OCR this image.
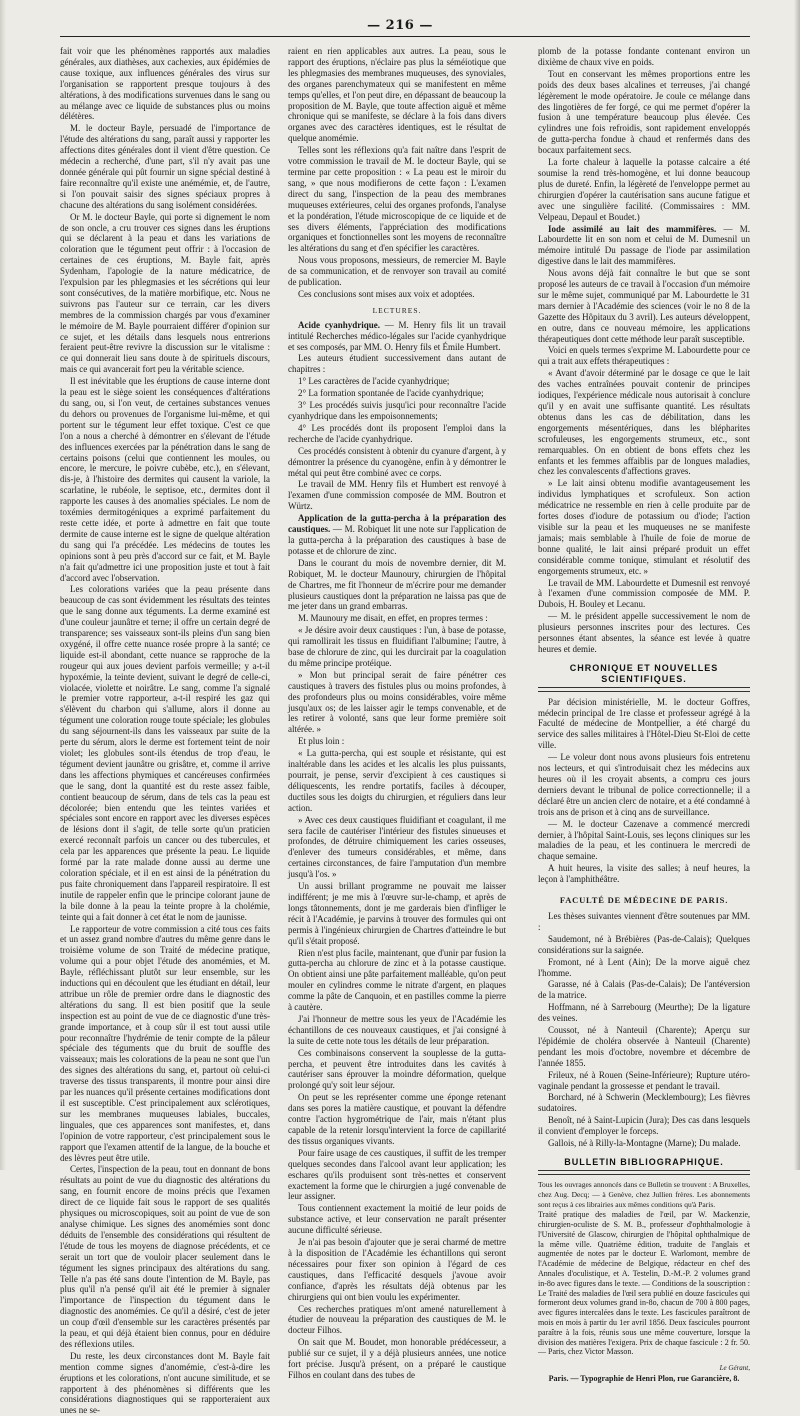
— 216 —

fait voir que les phénomènes rapportés aux maladies générales, aux diathèses, aux cachexies, aux épidémies de cause toxique, aux influences générales des virus sur l'organisation se rapportent presque toujours à des altérations, à des modifications survenues dans le sang ou au mélange avec ce liquide de substances plus ou moins délétères.

M. le docteur Bayle, persuadé de l'importance de l'étude des altérations du sang, paraît aussi y rapporter les affections dites générales dont il vient d'être question. Ce médecin a recherché, d'une part, s'il n'y avait pas une donnée générale qui pût fournir un signe spécial destiné à faire reconnaître qu'il existe une anémémie, et, de l'autre, si l'on pouvait saisir des signes spéciaux propres à chacune des altérations du sang isolément considérées.

Or M. le docteur Bayle, qui porte si dignement le nom de son oncle, a cru trouver ces signes dans les éruptions qui se déclarent à la peau et dans les variations de coloration que le tégument peut offrir : à l'occasion de certaines de ces éruptions, M. Bayle fait, après Sydenham, l'apologie de la nature médicatrice, de l'expulsion par les phlegmasies et les sécrétions qui leur sont consécutives, de la matière morbifique, etc. Nous ne suivrons pas l'auteur sur ce terrain, car les divers membres de la commission chargés par vous d'examiner le mémoire de M. Bayle pourraient différer d'opinion sur ce sujet, et les détails dans lesquels nous entrerions feraient peut-être revivre la discussion sur le vitalisme : ce qui donnerait lieu sans doute à de spirituels discours, mais ce qui avancerait fort peu la véritable science.

Il est inévitable que les éruptions de cause interne dont la peau est le siège soient les conséquences d'altérations du sang, ou, si l'on veut, de certaines substances venues du dehors ou provenues de l'organisme lui-même, et qui portent sur le tégument leur effet toxique. C'est ce que l'on a nous a cherché à démontrer en s'élevant de l'étude des influences exercées par la pénétration dans le sang de certains poisons (celui que contiennent les moules, ou encore, le mercure, le poivre cubèbe, etc.), en s'élevant, dis-je, à l'histoire des dermites qui causent la variole, la scarlatine, le rubéole, le septisoe, etc., dermites dont il rapporte les causes à des anomalies spéciales. Le nom de toxémies dermitogéniques a exprimé parfaitement du reste cette idée, et porte à admettre en fait que toute dermite de cause interne est le signe de quelque altération du sang qui l'a précédée. Les médecins de toutes les opinions sont à peu près d'accord sur ce fait, et M. Bayle n'a fait qu'admettre ici une proposition juste et tout à fait d'accord avec l'observation.

Les colorations variées que la peau présente dans beaucoup de cas sont évidemment les résultats des teintes que le sang donne aux téguments. La derme examiné est d'une couleur jaunâtre et terne; il offre un certain degré de transparence; ses vaisseaux sont-ils pleins d'un sang bien oxygéné, il offre cette nuance rosée propre à la santé; ce liquide est-il abondant, cette nuance se rapproche de la rougeur qui aux joues devient parfois vermeille; y a-t-il hypoxémie, la teinte devient, suivant le degré de celle-ci, violacée, violette et noirâtre. Le sang, comme l'a signalé le premier votre rapporteur, a-t-il respiré les gaz qui s'élèvent du charbon qui s'allume, alors il donne au tégument une coloration rouge toute spéciale; les globules du sang séjournent-ils dans les vaisseaux par suite de la perte du sérum, alors le derme est fortement teint de noir violet; les globules sont-ils étendus de trop d'eau, le tégument devient jaunâtre ou grisâtre, et, comme il arrive dans les affections phymiques et cancéreuses confirmées que le sang, dont la quantité est du reste assez faible, contient beaucoup de sérum, dans de tels cas la peau est décolorée; bien entendu que les teintes variées et spéciales sont encore en rapport avec les diverses espèces de lésions dont il s'agit, de telle sorte qu'un praticien exercé reconnaît parfois un cancer ou des tubercules, et cela par les apparences que présente la peau. Le liquide formé par la rate malade donne aussi au derme une coloration spéciale, et il en est ainsi de la pénétration du pus faite chroniquement dans l'appareil respiratoire. Il est inutile de rappeler enfin que le principe colorant jaune de la bile donne à la peau la teinte propre à la cholémie, teinte qui a fait donner à cet état le nom de jaunisse.

Le rapporteur de votre commission a cité tous ces faits et un assez grand nombre d'autres du même genre dans le troisième volume de son Traité de médecine pratique, volume qui a pour objet l'étude des anomémies, et M. Bayle, réfléchissant plutôt sur leur ensemble, sur les inductions qui en découlent que les étudiant en détail, leur attribue un rôle de premier ordre dans le diagnostic des altérations du sang. Il est bien positif que la seule inspection est au point de vue de ce diagnostic d'une très-grande importance, et à coup sûr il est tout aussi utile pour reconnaître l'hydrémie de tenir compte de la pâleur spéciale des téguments que du bruit de souffle des vaisseaux; mais les colorations de la peau ne sont que l'un des signes des altérations du sang, et, partout où celui-ci traverse des tissus transparents, il montre pour ainsi dire par les nuances qu'il présente certaines modifications dont il est susceptible. C'est principalement aux sclérotiques, sur les membranes muqueuses labiales, buccales, linguales, que ces apparences sont manifestes, et, dans l'opinion de votre rapporteur, c'est principalement sous le rapport que l'examen attentif de la langue, de la bouche et des lèvres peut être utile.

Certes, l'inspection de la peau, tout en donnant de bons résultats au point de vue du diagnostic des altérations du sang, en fournit encore de moins précis que l'examen direct de ce liquide fait sous le rapport de ses qualités physiques ou microscopiques, soit au point de vue de son analyse chimique. Les signes des anomémies sont donc déduits de l'ensemble des considérations qui résultent de l'étude de tous les moyens de diagnose précédents, et ce serait un tort que de vouloir placer seulement dans le tégument les signes principaux des altérations du sang. Telle n'a pas été sans doute l'intention de M. Bayle, pas plus qu'il n'a pensé qu'il ait été le premier à signaler l'importance de l'inspection du tégument dans le diagnostic des anomémies. Ce qu'il a désiré, c'est de jeter un coup d'œil d'ensemble sur les caractères présentés par la peau, et qui déjà étaient bien connus, pour en déduire des réflexions utiles.

Du reste, les deux circonstances dont M. Bayle fait mention comme signes d'anomémie, c'est-à-dire les éruptions et les colorations, n'ont aucune similitude, et se rapportent à des phénomènes si différents que les considérations diagnostiques qui se rapporteraient aux unes ne se-

raient en rien applicables aux autres. La peau, sous le rapport des éruptions, n'éclaire pas plus la séméiotique que les phlegmasies des membranes muqueuses, des synoviales, des organes parenchymateux qui se manifestent en même temps qu'elles, et l'on peut dire, en dépassant de beaucoup la proposition de M. Bayle, que toute affection aiguë et même chronique qui se manifeste, se déclare à la fois dans divers organes avec des caractères identiques, est le résultat de quelque anomémie.

Telles sont les réflexions qu'a fait naître dans l'esprit de votre commission le travail de M. le docteur Bayle, qui se termine par cette proposition : « La peau est le miroir du sang, » que nous modifierons de cette façon : L'examen direct du sang, l'inspection de la peau des membranes muqueuses extérieures, celui des organes profonds, l'analyse et la pondération, l'étude microscopique de ce liquide et de ses divers éléments, l'appréciation des modifications organiques et fonctionnelles sont les moyens de reconnaître les altérations du sang et d'en spécifier les caractères.

Nous vous proposons, messieurs, de remercier M. Bayle de sa communication, et de renvoyer son travail au comité de publication.

Ces conclusions sont mises aux voix et adoptées.

LECTURES.

Acide cyanhydrique. — M. Henry fils lit un travail intitulé Recherches médico-légales sur l'acide cyanhydrique et ses composés, par MM. O. Henry fils et Émile Humbert.

Les auteurs étudient successivement dans autant de chapitres :

1° Les caractères de l'acide cyanhydrique;

2° La formation spontanée de l'acide cyanhydrique;

3° Les procédés suivis jusqu'ici pour reconnaître l'acide cyanhydrique dans les empoisonnements;

4° Les procédés dont ils proposent l'emploi dans la recherche de l'acide cyanhydrique.

Ces procédés consistent à obtenir du cyanure d'argent, à y démontrer la présence du cyanogène, enfin à y démontrer le métal qui peut être combiné avec ce corps.

Le travail de MM. Henry fils et Humbert est renvoyé à l'examen d'une commission composée de MM. Boutron et Würtz.

Application de la gutta-percha à la préparation des caustiques. — M. Robiquet lit une note sur l'application de la gutta-percha à la préparation des caustiques à base de potasse et de chlorure de zinc.

Dans le courant du mois de novembre dernier, dit M. Robiquet, M. le docteur Maunoury, chirurgien de l'hôpital de Chartres, me fit l'honneur de m'écrire pour me demander plusieurs caustiques dont la préparation ne laissa pas que de me jeter dans un grand embarras.

M. Maunoury me disait, en effet, en propres termes :

« Je désire avoir deux caustiques : l'un, à base de potasse, qui ramollirait les tissus en fluidifiant l'albumine; l'autre, à base de chlorure de zinc, qui les durcirait par la coagulation du même principe protéique.

» Mon but principal serait de faire pénétrer ces caustiques à travers des fistules plus ou moins profondes, à des profondeurs plus ou moins considérables, voire même jusqu'aux os; de les laisser agir le temps convenable, et de les retirer à volonté, sans que leur forme première soit altérée. »

Et plus loin :

« La gutta-percha, qui est souple et résistante, qui est inaltérable dans les acides et les alcalis les plus puissants, pourrait, je pense, servir d'excipient à ces caustiques si déliquescents, les rendre portatifs, faciles à découper, ductiles sous les doigts du chirurgien, et réguliers dans leur action.

» Avec ces deux caustiques fluidifiant et coagulant, il me sera facile de cautériser l'intérieur des fistules sinueuses et profondes, de détruire chimiquement les caries osseuses, d'enlever des tumeurs considérables, et même, dans certaines circonstances, de faire l'amputation d'un membre jusqu'à l'os. »

Un aussi brillant programme ne pouvait me laisser indifférent; je me mis à l'œuvre sur-le-champ, et après de longs tâtonnements, dont je me garderais bien d'infliger le récit à l'Académie, je parvins à trouver des formules qui ont permis à l'ingénieux chirurgien de Chartres d'atteindre le but qu'il s'était proposé.

Rien n'est plus facile, maintenant, que d'unir par fusion la gutta-percha au chlorure de zinc et à la potasse caustique. On obtient ainsi une pâte parfaitement malléable, qu'on peut mouler en cylindres comme le nitrate d'argent, en plaques comme la pâte de Canquoin, et en pastilles comme la pierre à cautère.

J'ai l'honneur de mettre sous les yeux de l'Académie les échantillons de ces nouveaux caustiques, et j'ai consigné à la suite de cette note tous les détails de leur préparation.

Ces combinaisons conservent la souplesse de la gutta-percha, et peuvent être introduites dans les cavités à cautériser sans éprouver la moindre déformation, quelque prolongé qu'y soit leur séjour.

On peut se les représenter comme une éponge retenant dans ses pores la matière caustique, et pouvant la défendre contre l'action hygrométrique de l'air, mais n'étant plus capable de la retenir lorsqu'intervient la force de capillarité des tissus organiques vivants.

Pour faire usage de ces caustiques, il suffit de les tremper quelques secondes dans l'alcool avant leur application; les eschares qu'ils produisent sont très-nettes et conservent exactement la forme que le chirurgien a jugé convenable de leur assigner.

Tous contiennent exactement la moitié de leur poids de substance active, et leur conservation ne paraît présenter aucune difficulté sérieuse.

Je n'ai pas besoin d'ajouter que je serai charmé de mettre à la disposition de l'Académie les échantillons qui seront nécessaires pour fixer son opinion à l'égard de ces caustiques, dans l'efficacité desquels j'avoue avoir confiance, d'après les résultats déjà obtenus par les chirurgiens qui ont bien voulu les expérimenter.

Ces recherches pratiques m'ont amené naturellement à étudier de nouveau la préparation des caustiques de M. le docteur Filhos.

On sait que M. Boudet, mon honorable prédécesseur, a publié sur ce sujet, il y a déjà plusieurs années, une notice fort précise. Jusqu'à présent, on a préparé le caustique Filhos en coulant dans des tubes de

plomb de la potasse fondante contenant environ un dixième de chaux vive en poids.

Tout en conservant les mêmes proportions entre les poids des deux bases alcalines et terreuses, j'ai changé légèrement le mode opératoire. Je coule ce mélange dans des lingotières de fer forgé, ce qui me permet d'opérer la fusion à une température beaucoup plus élevée. Ces cylindres une fois refroidis, sont rapidement enveloppés de gutta-percha fondue à chaud et renfermés dans des bocaux parfaitement secs.

La forte chaleur à laquelle la potasse calcaire a été soumise la rend très-homogène, et lui donne beaucoup plus de dureté. Enfin, la légèreté de l'enveloppe permet au chirurgien d'opérer la cautérisation sans aucune fatigue et avec une singulière facilité. (Commissaires : MM. Velpeau, Depaul et Boudet.)

Iode assimilé au lait des mammifères. — M. Labourdette lit en son nom et celui de M. Dumesnil un mémoire intitulé Du passage de l'iode par assimilation digestive dans le lait des mammifères.

Nous avons déjà fait connaître le but que se sont proposé les auteurs de ce travail à l'occasion d'un mémoire sur le même sujet, communiqué par M. Labourdette le 31 mars dernier à l'Académie des sciences (voir le no 8 de la Gazette des Hôpitaux du 3 avril). Les auteurs développent, en outre, dans ce nouveau mémoire, les applications thérapeutiques dont cette méthode leur paraît susceptible.

Voici en quels termes s'exprime M. Labourdette pour ce qui a trait aux effets thérapeutiques :

« Avant d'avoir déterminé par le dosage ce que le lait des vaches entraînées pouvait contenir de principes iodiques, l'expérience médicale nous autorisait à conclure qu'il y en avait une suffisante quantité. Les résultats obtenus dans les cas de débilitation, dans les engorgements mésentériques, dans les blépharites scrofuleuses, les engorgements strumeux, etc., sont remarquables. On en obtient de bons effets chez les enfants et les femmes affaiblis par de longues maladies, chez les convalescents d'affections graves.

» Le lait ainsi obtenu modifie avantageusement les individus lymphatiques et scrofuleux. Son action médicatrice ne ressemble en rien à celle produite par de fortes doses d'iodure de potassium ou d'iode; l'action visible sur la peau et les muqueuses ne se manifeste jamais; mais semblable à l'huile de foie de morue de bonne qualité, le lait ainsi préparé produit un effet considérable comme tonique, stimulant et résolutif des engorgements strumeux, etc. »

Le travail de MM. Labourdette et Dumesnil est renvoyé à l'examen d'une commission composée de MM. P. Dubois, H. Bouley et Lecanu.

— M. le président appelle successivement le nom de plusieurs personnes inscrites pour des lectures. Ces personnes étant absentes, la séance est levée à quatre heures et demie.

CHRONIQUE ET NOUVELLES SCIENTIFIQUES.

Par décision ministérielle, M. le docteur Goffres, médecin principal de 1re classe et professeur agrégé à la Faculté de médecine de Montpellier, a été chargé du service des salles militaires à l'Hôtel-Dieu St-Eloi de cette ville.

— Le voleur dont nous avons plusieurs fois entretenu nos lecteurs, et qui s'introduisait chez les médecins aux heures où il les croyait absents, a compru ces jours derniers devant le tribunal de police correctionnelle; il a déclaré être un ancien clerc de notaire, et a été condamné à trois ans de prison et à cinq ans de surveillance.

— M. le docteur Cazenave a commencé mercredi dernier, à l'hôpital Saint-Louis, ses leçons cliniques sur les maladies de la peau, et les continuera le mercredi de chaque semaine.

A huit heures, la visite des salles; à neuf heures, la leçon à l'amphithéâtre.

FACULTÉ DE MÉDECINE DE PARIS.

Les thèses suivantes viennent d'être soutenues par MM. :

Saudemont, né à Brébières (Pas-de-Calais); Quelques considérations sur la saignée.

Fromont, né à Lent (Ain); De la morve aiguë chez l'homme.

Garasse, né à Calais (Pas-de-Calais); De l'antéversion de la matrice.

Hoffmann, né à Sarrebourg (Meurthe); De la ligature des veines.

Coussot, né à Nanteuil (Charente); Aperçu sur l'épidémie de choléra observée à Nanteuil (Charente) pendant les mois d'octobre, novembre et décembre de l'année 1855.

Frileux, né à Rouen (Seine-Inférieure); Rupture utéro-vaginale pendant la grossesse et pendant le travail.

Borchard, né à Schwerin (Mecklembourg); Les fièvres sudatoires.

Benoît, né à Saint-Lupicin (Jura); Des cas dans lesquels il convient d'employer le forceps.

Gallois, né à Rilly-la-Montagne (Marne); Du malade.

BULLETIN BIBLIOGRAPHIQUE.

Tous les ouvrages annoncés dans ce Bulletin se trouvent : A Bruxelles, chez Aug. Decq; — à Genève, chez Jullien frères. Les abonnements sont reçus à ces librairies aux mêmes conditions qu'à Paris.

Traité pratique des maladies de l'œil, par W. Mackenzie, chirurgien-oculiste de S. M. B., professeur d'ophthalmologie à l'Université de Glascow, chirurgien de l'hôpital ophthalmique de la même ville. Quatrième édition, traduite de l'anglais et augmentée de notes par le docteur E. Warlomont, membre de l'Académie de médecine de Belgique, rédacteur en chef des Annales d'oculistique, et A. Testelin, D.-M.-P. 2 volumes grand in-8o avec figures dans le texte. — Conditions de la souscription : Le Traité des maladies de l'œil sera publié en douze fascicules qui formeront deux volumes grand in-8o, chacun de 700 à 800 pages, avec figures intercalées dans le texte. Les fascicules paraîtront de mois en mois à partir du 1er avril 1856. Deux fascicules pourront paraître à la fois, réunis sous une même couverture, lorsque la division des matières l'exigera. Prix de chaque fascicule : 2 fr. 50. — Paris, chez Victor Masson.

Le Gérant,
Paris. — Typographie de Henri Plon, rue Garancière, 8.
